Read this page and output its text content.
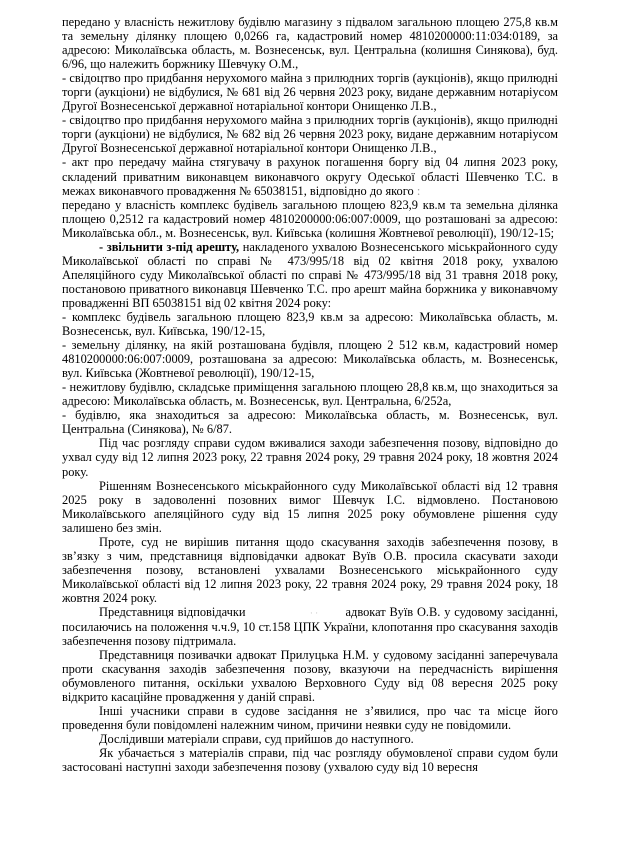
передано у власність нежитлову будівлю магазину з підвалом загальною площею 275,8 кв.м та земельну ділянку площею 0,0266 га, кадастровий номер 4810200000:11:034:0189, за адресою: Миколаївська область, м. Вознесенськ, вул. Центральна (колишня Синякова), буд. 6/96, що належить боржнику Шевчуку О.М.,

- свідоцтво про придбання нерухомого майна з прилюдних торгів (аукціонів), якщо прилюдні торги (аукціони) не відбулися, № 681 від 26 червня 2023 року, видане державним нотаріусом Другої Вознесенської державної нотаріальної контори Онищенко Л.В.,

- свідоцтво про придбання нерухомого майна з прилюдних торгів (аукціонів), якщо прилюдні торги (аукціони) не відбулися, № 682 від 26 червня 2023 року, видане державним нотаріусом Другої Вознесенської державної нотаріальної контори Онищенко Л.В.,

- акт про передачу майна стягувачу в рахунок погашення боргу від 04 липня 2023 року, складений приватним виконавцем виконавчого округу Одеської області Шевченко Т.С. в межах виконавчого провадження № 65038151, відповідно до якого :

передано у власність комплекс будівель загальною площею 823,9 кв.м та земельна ділянка площею 0,2512 га кадастровий номер 4810200000:06:007:0009, що розташовані за адресою: Миколаївська обл., м. Вознесенськ, вул. Київська (колишня Жовтневої революції), 190/12-15;

- звільнити з-під арешту, накладеного ухвалою Вознесенського міськрайонного суду Миколаївської області по справі № 473/995/18 від 02 квітня 2018 року, ухвалою Апеляційного суду Миколаївської області по справі № 473/995/18 від 31 травня 2018 року, постановою приватного виконавця Шевченко Т.С. про арешт майна боржника у виконавчому провадженні ВП 65038151 від 02 квітня 2024 року:

- комплекс будівель загальною площею 823,9 кв.м за адресою: Миколаївська область, м. Вознесенськ, вул. Київська, 190/12-15,

- земельну ділянку, на якій розташована будівля, площею 2 512 кв.м, кадастровий номер 4810200000:06:007:0009, розташована за адресою: Миколаївська область, м. Вознесенськ, вул. Київська (Жовтневої революції), 190/12-15,

- нежитлову будівлю, складське приміщення загальною площею 28,8 кв.м, що знаходиться за адресою: Миколаївська область, м. Вознесенськ, вул. Центральна, 6/252а,

- будівлю, яка знаходиться за адресою: Миколаївська область, м. Вознесенськ, вул. Центральна (Синякова), № 6/87.

Під час розгляду справи судом вживалися заходи забезпечення позову, відповідно до ухвал суду від 12 липня 2023 року, 22 травня 2024 року, 29 травня 2024 року, 18 жовтня 2024 року.

Рішенням Вознесенського міськрайонного суду Миколаївської області від 12 травня 2025 року в задоволенні позовних вимог Шевчук І.С. відмовлено. Постановою Миколаївського апеляційного суду від 15 липня 2025 року обумовлене рішення суду залишено без змін.

Проте, суд не вирішив питання щодо скасування заходів забезпечення позову, в зв’язку з чим, представниця відповідачки адвокат Вуїв О.В. просила скасувати заходи забезпечення позову, встановлені ухвалами Вознесенського міськрайонного суду Миколаївської області від 12 липня 2023 року, 22 травня 2024 року, 29 травня 2024 року, 18 жовтня 2024 року.

Представниця відповідачки	· · адвокат Вуїв О.В. у судовому засіданні, посилаючись на положення ч.ч.9, 10 ст.158 ЦПК України, клопотання про скасування заходів забезпечення позову підтримала.

Представниця позивачки адвокат Прилуцька Н.М. у судовому засіданні заперечувала проти скасування заходів забезпечення позову, вказуючи на передчасність вирішення обумовленого питання, оскільки ухвалою Верховного Суду від 08 вересня 2025 року відкрито касаційне провадження у даній справі.

Інші учасники справи в судове засідання не з’явилися, про час та місце його проведення були повідомлені належним чином, причини неявки суду не повідомили.

Дослідивши матеріали справи, суд прийшов до наступного.

Як убачається з матеріалів справи, під час розгляду обумовленої справи судом були застосовані наступні заходи забезпечення позову (ухвалою суду від 10 вересня
